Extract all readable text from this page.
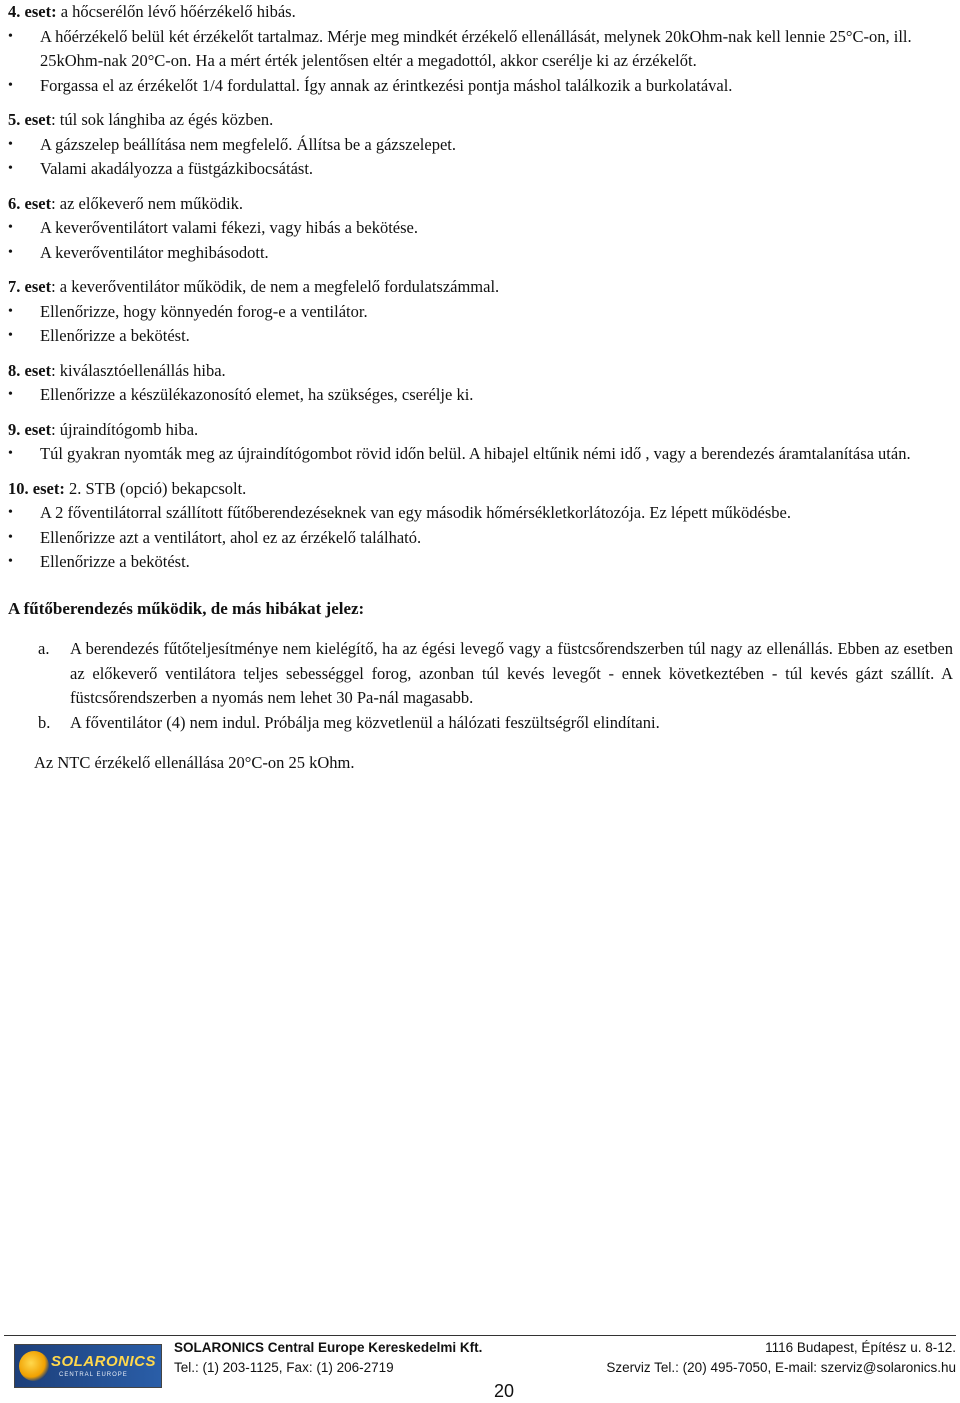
4. eset: a hőcserélőn lévő hőérzékelő hibás.
•	A hőérzékelő belül két érzékelőt tartalmaz. Mérje meg mindkét érzékelő ellenállását, melynek 20kOhm-nak kell lennie 25°C-on, ill. 25kOhm-nak 20°C-on. Ha a mért érték jelentősen eltér a megadottól, akkor cserélje ki az érzékelőt.
•	Forgassa el az érzékelőt 1/4 fordulattal. Így annak az érintkezési pontja máshol találkozik a burkolatával.
5. eset: túl sok lánghiba az égés közben.
•	A gázszelep beállítása nem megfelelő. Állítsa be a gázszelepet.
•	Valami akadályozza a füstgázkibocsátást.
6. eset: az előkeverő nem működik.
•	A keverőventilátort valami fékezi, vagy hibás a bekötése.
•	A keverőventilátor meghibásodott.
7. eset: a keverőventilátor működik, de nem a megfelelő fordulatszámmal.
•	Ellenőrizze, hogy könnyedén forog-e a ventilátor.
•	Ellenőrizze a bekötést.
8. eset: kiválasztóellenállás hiba.
•	Ellenőrizze a készülékazonosító elemet, ha szükséges, cserélje ki.
9. eset: újraindítógomb hiba.
•	Túl gyakran nyomták meg az újraindítógombot rövid időn belül. A hibajel eltűnik némi idő , vagy a berendezés áramtalanítása után.
10. eset: 2. STB (opció) bekapcsolt.
•	A 2 főventilátorral szállított fűtőberendezéseknek van egy második hőmérsékletkorlátozója. Ez lépett működésbe.
•	Ellenőrizze azt a ventilátort, ahol ez az érzékelő található.
•	Ellenőrizze a bekötést.
A fűtőberendezés működik, de más hibákat jelez:
a. A berendezés fűtőteljesítménye nem kielégítő, ha az égési levegő vagy a füstcsőrendszerben túl nagy az ellenállás. Ebben az esetben az előkeverő ventilátora teljes sebességgel forog, azonban túl kevés levegőt - ennek következtében - túl kevés gázt szállít. A füstcsőrendszerben a nyomás nem lehet 30 Pa-nál magasabb.
b. A főventilátor (4) nem indul. Próbálja meg közvetlenül a hálózati feszültségről elindítani.
Az NTC érzékelő ellenállása 20°C-on 25 kOhm.
SOLARONICS
CENTRAL EUROPE
SOLARONICS Central Europe Kereskedelmi Kft.	1116 Budapest, Építész u. 8-12.
Tel.: (1) 203-1125, Fax: (1) 206-2719	Szerviz Tel.: (20) 495-7050, E-mail: szerviz@solaronics.hu
20
